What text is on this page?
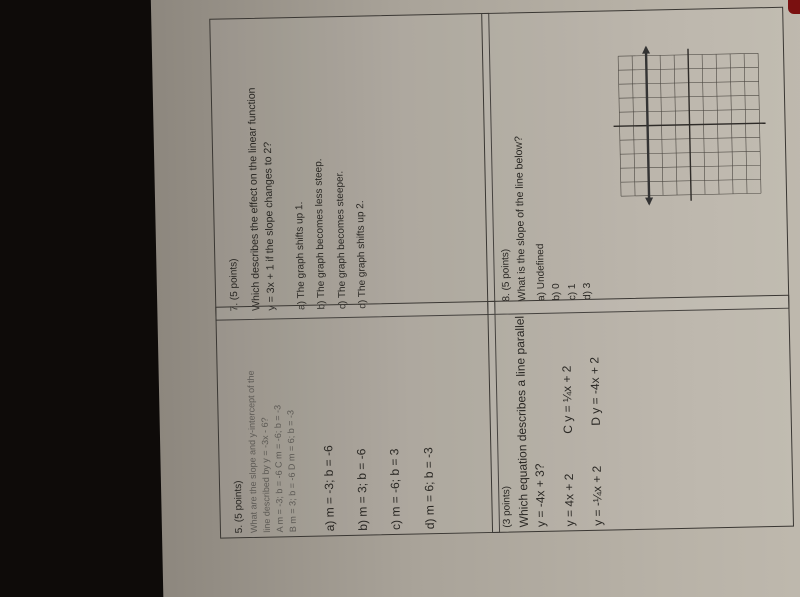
7. (5 points) Which describes the effect on the linear function y = 3x + 1 if the slope changes to 2?	a) The graph shifts up 1. b) The graph becomes less steep. c) The graph becomes steeper. d) The graph shifts up 2.	8. (5 points) What is the slope of the line below? a) Undefined b) 0 c) 1 d) 3
5. (5 points) What are the slope and y-intercept of the line described by y = -3x - 6? A m = -3; b = -6 C m = -6; b = -3 B m = 3; b = -6 D m = 6; b = -3 a) m = -3; b = -6 b) m = 3; b = -6 c) m = -6; b = 3 d) m = 6; b = -3	(3 points) Which equation describes a line parallel y = -4x + 3? y = 4x + 2
C y = ¼x + 2
y = -¼x + 2
D y = -4x + 2
